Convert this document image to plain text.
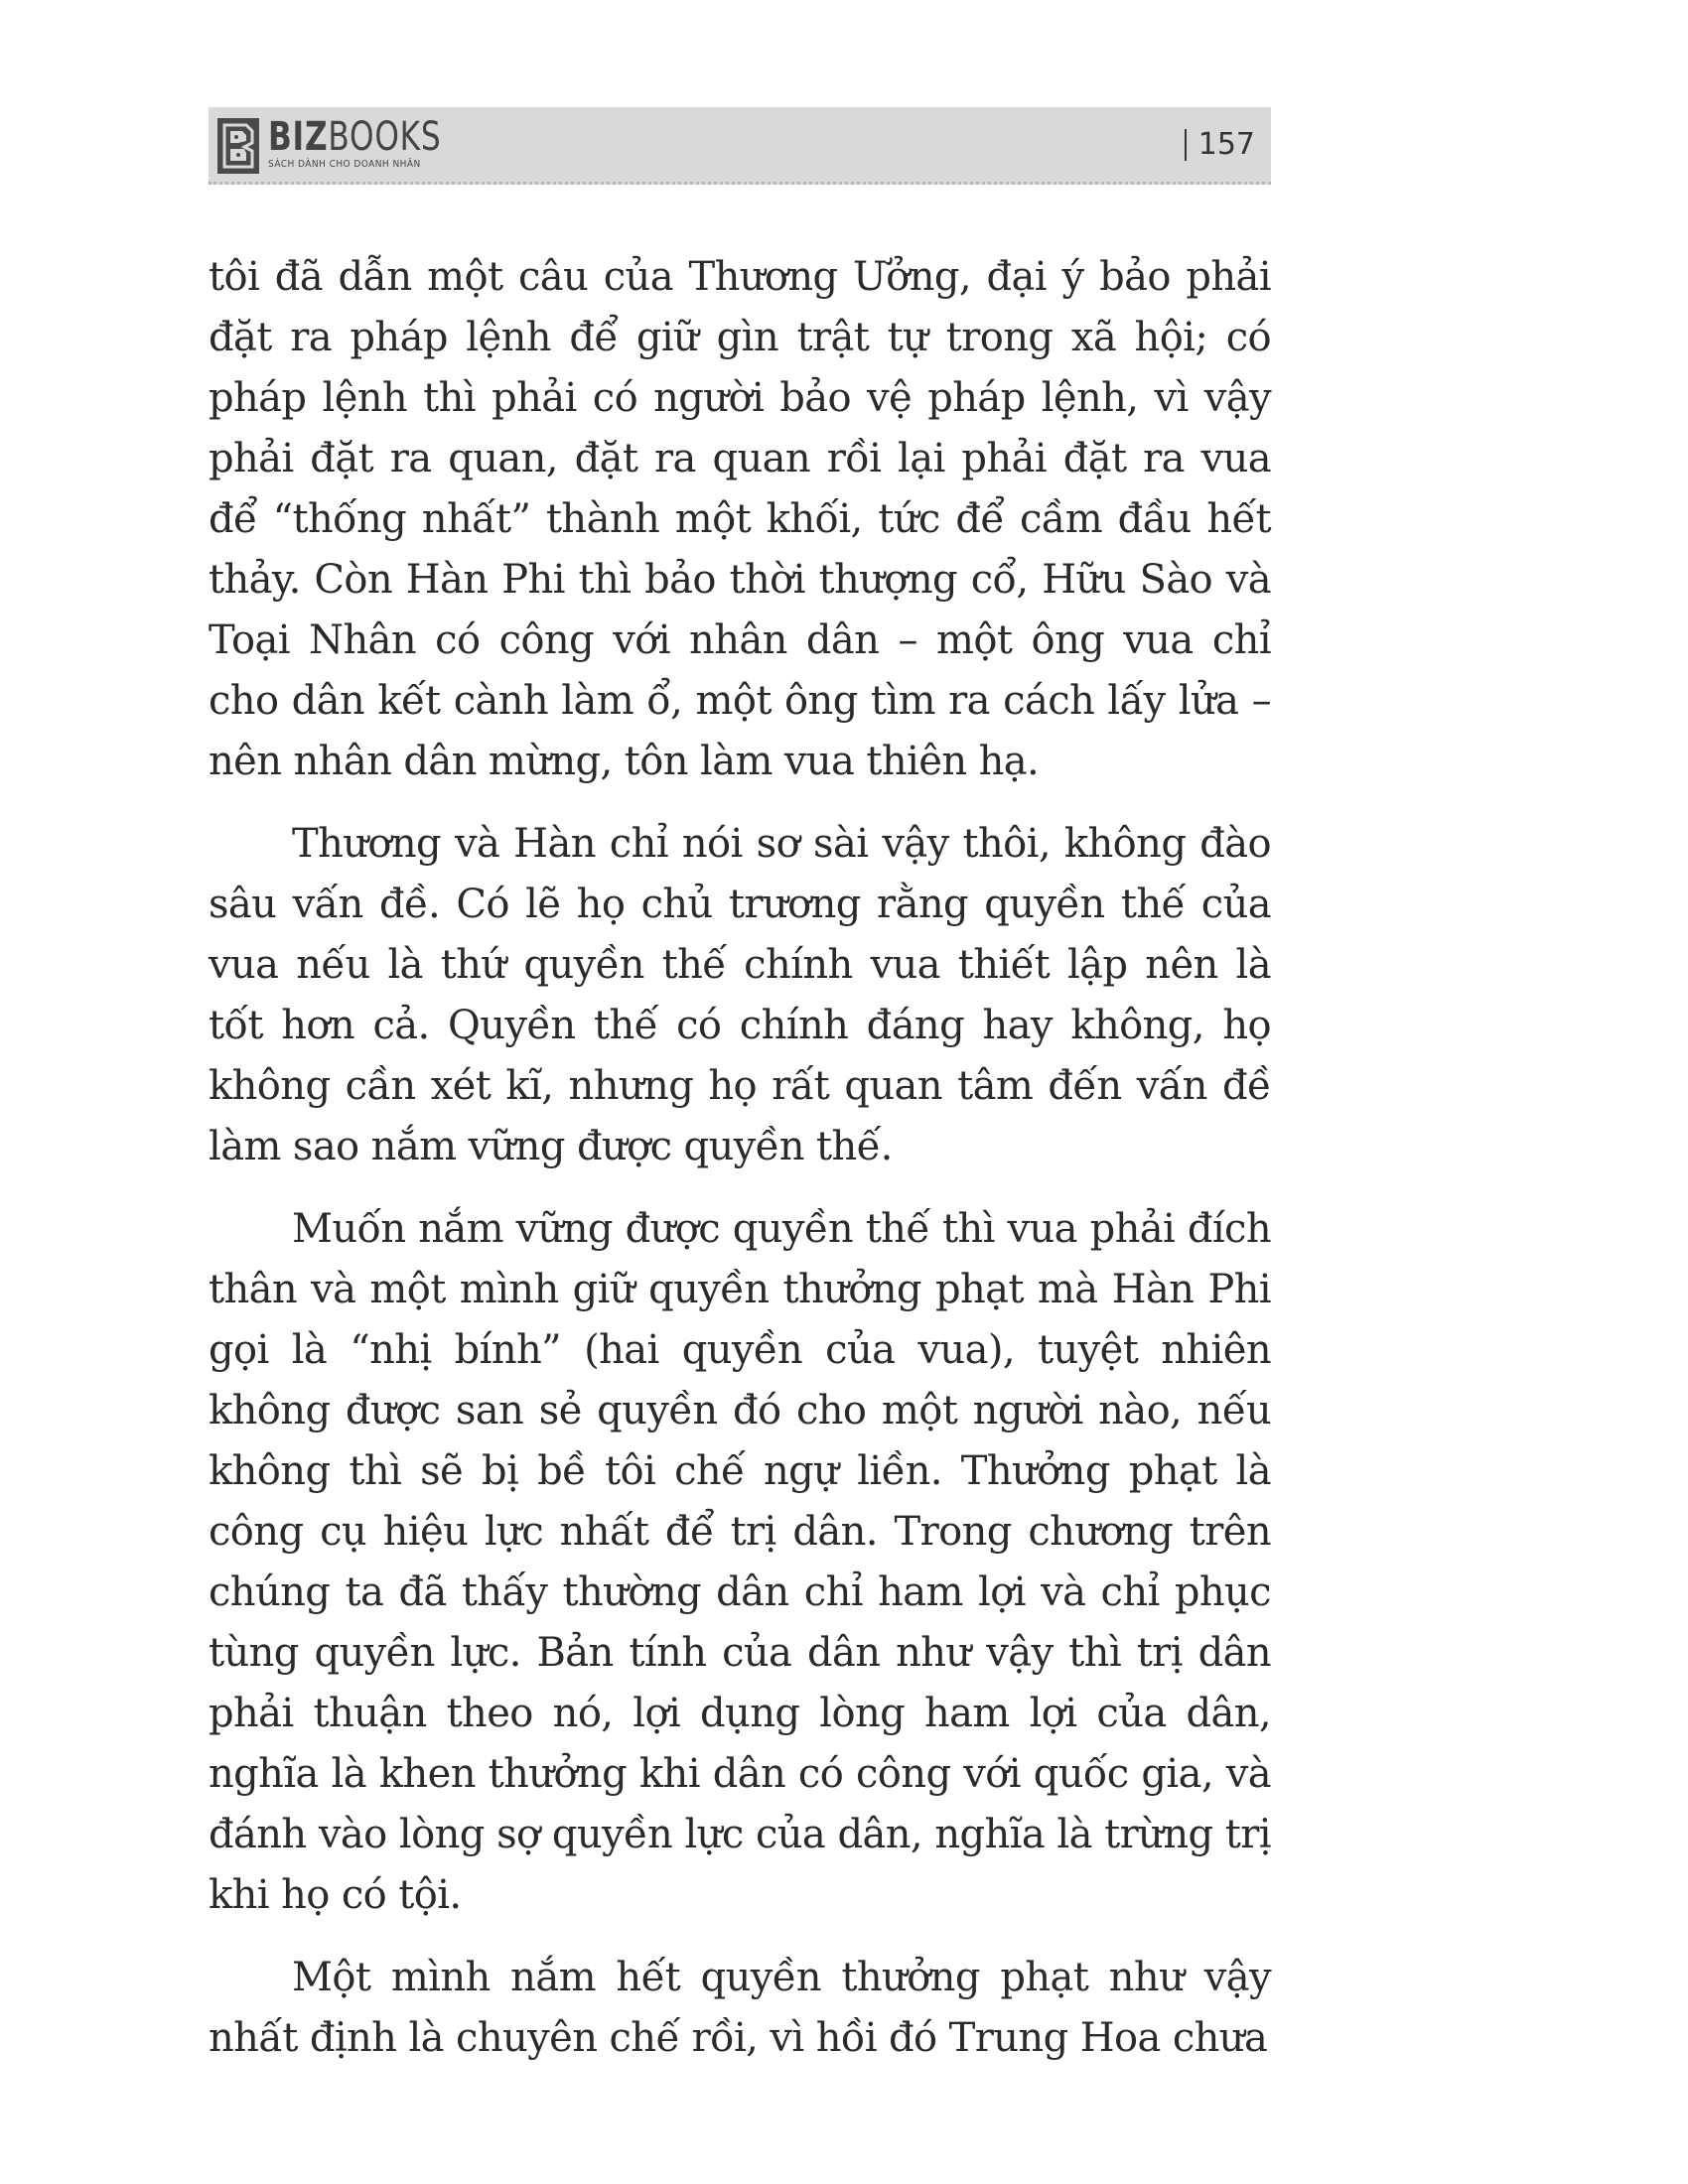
BIZBOOKS
SÁCH DÀNH CHO DOANH NHÂN
157

tôi đã dẫn một câu của Thương Ưởng, đại ý bảo phải đặt ra pháp lệnh để giữ gìn trật tự trong xã hội; có pháp lệnh thì phải có người bảo vệ pháp lệnh, vì vậy phải đặt ra quan, đặt ra quan rồi lại phải đặt ra vua để “thống nhất” thành một khối, tức để cầm đầu hết thảy. Còn Hàn Phi thì bảo thời thượng cổ, Hữu Sào và Toại Nhân có công với nhân dân – một ông vua chỉ cho dân kết cành làm ổ, một ông tìm ra cách lấy lửa – nên nhân dân mừng, tôn làm vua thiên hạ.

Thương và Hàn chỉ nói sơ sài vậy thôi, không đào sâu vấn đề. Có lẽ họ chủ trương rằng quyền thế của vua nếu là thứ quyền thế chính vua thiết lập nên là tốt hơn cả. Quyền thế có chính đáng hay không, họ không cần xét kĩ, nhưng họ rất quan tâm đến vấn đề làm sao nắm vững được quyền thế.

Muốn nắm vững được quyền thế thì vua phải đích thân và một mình giữ quyền thưởng phạt mà Hàn Phi gọi là “nhị bính” (hai quyền của vua), tuyệt nhiên không được san sẻ quyền đó cho một người nào, nếu không thì sẽ bị bề tôi chế ngự liền. Thưởng phạt là công cụ hiệu lực nhất để trị dân. Trong chương trên chúng ta đã thấy thường dân chỉ ham lợi và chỉ phục tùng quyền lực. Bản tính của dân như vậy thì trị dân phải thuận theo nó, lợi dụng lòng ham lợi của dân, nghĩa là khen thưởng khi dân có công với quốc gia, và đánh vào lòng sợ quyền lực của dân, nghĩa là trừng trị khi họ có tội.

Một mình nắm hết quyền thưởng phạt như vậy nhất định là chuyên chế rồi, vì hồi đó Trung Hoa chưa
